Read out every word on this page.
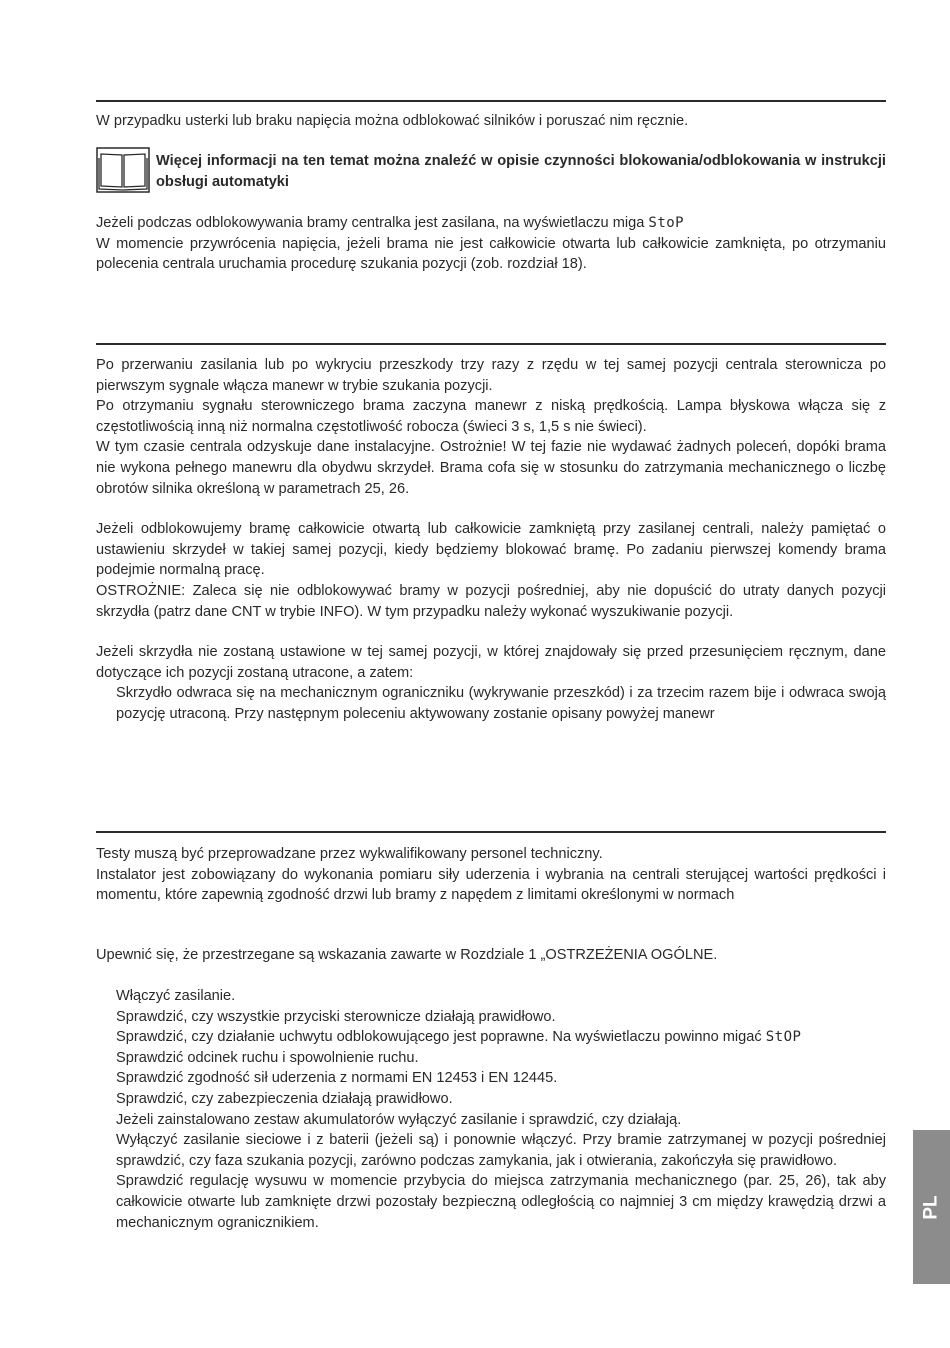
W przypadku usterki lub braku napięcia można odblokować silników i poruszać nim ręcznie.

Więcej informacji na ten temat można znaleźć w opisie czynności blokowania/odblokowania w instrukcji obsługi automatyki

Jeżeli podczas odblokowywania bramy centralka jest zasilana, na wyświetlaczu miga StoP

W momencie przywrócenia napięcia, jeżeli brama nie jest całkowicie otwarta lub całkowicie zamknięta, po otrzymaniu polecenia centrala uruchamia procedurę szukania pozycji (zob. rozdział 18).

Po przerwaniu zasilania lub po wykryciu przeszkody trzy razy z rzędu w tej samej pozycji centrala sterownicza po pierwszym sygnale włącza manewr w trybie szukania pozycji.

Po otrzymaniu sygnału sterowniczego brama zaczyna manewr z niską prędkością. Lampa błyskowa włącza się z częstotliwością inną niż normalna częstotliwość robocza (świeci 3 s, 1,5 s nie świeci).

W tym czasie centrala odzyskuje dane instalacyjne. Ostrożnie! W tej fazie nie wydawać żadnych poleceń, dopóki brama nie wykona pełnego manewru dla obydwu skrzydeł. Brama cofa się w stosunku do zatrzymania mechanicznego o liczbę obrotów silnika określoną w parametrach 25, 26.

Jeżeli odblokowujemy bramę całkowicie otwartą lub całkowicie zamkniętą przy zasilanej centrali, należy pamiętać o ustawieniu skrzydeł w takiej samej pozycji, kiedy będziemy blokować bramę. Po zadaniu pierwszej komendy brama podejmie normalną pracę.

OSTROŻNIE: Zaleca się nie odblokowywać bramy w pozycji pośredniej, aby nie dopuścić do utraty danych pozycji skrzydła (patrz dane CNT w trybie INFO). W tym przypadku należy wykonać wyszukiwanie pozycji.

Jeżeli skrzydła nie zostaną ustawione w tej samej pozycji, w której znajdowały się przed przesunięciem ręcznym, dane dotyczące ich pozycji zostaną utracone, a zatem:

Skrzydło odwraca się na mechanicznym ograniczniku (wykrywanie przeszkód) i za trzecim razem bije i odwraca swoją pozycję utraconą. Przy następnym poleceniu aktywowany zostanie opisany powyżej manewr

Testy muszą być przeprowadzane przez wykwalifikowany personel techniczny.

Instalator jest zobowiązany do wykonania pomiaru siły uderzenia i wybrania na centrali sterującej wartości prędkości i momentu, które zapewnią zgodność drzwi lub bramy z napędem z limitami określonymi w normach

Upewnić się, że przestrzegane są wskazania zawarte w Rozdziale 1 „OSTRZEŻENIA OGÓLNE.

Włączyć zasilanie.

Sprawdzić, czy wszystkie przyciski sterownicze działają prawidłowo.

Sprawdzić, czy działanie uchwytu odblokowującego jest poprawne. Na wyświetlaczu powinno migać StOP

Sprawdzić odcinek ruchu i spowolnienie ruchu.

Sprawdzić zgodność sił uderzenia z normami EN 12453 i EN 12445.

Sprawdzić, czy zabezpieczenia działają prawidłowo.

Jeżeli zainstalowano zestaw akumulatorów wyłączyć zasilanie i sprawdzić, czy działają.

Wyłączyć zasilanie sieciowe i z baterii (jeżeli są) i ponownie włączyć. Przy bramie zatrzymanej w pozycji pośredniej sprawdzić, czy faza szukania pozycji, zarówno podczas zamykania, jak i otwierania, zakończyła się prawidłowo.

Sprawdzić regulację wysuwu w momencie przybycia do miejsca zatrzymania mechanicznego (par. 25, 26), tak aby całkowicie otwarte lub zamknięte drzwi pozostały bezpieczną odległością co najmniej 3 cm między krawędzią drzwi a mechanicznym ogranicznikiem.

PL
